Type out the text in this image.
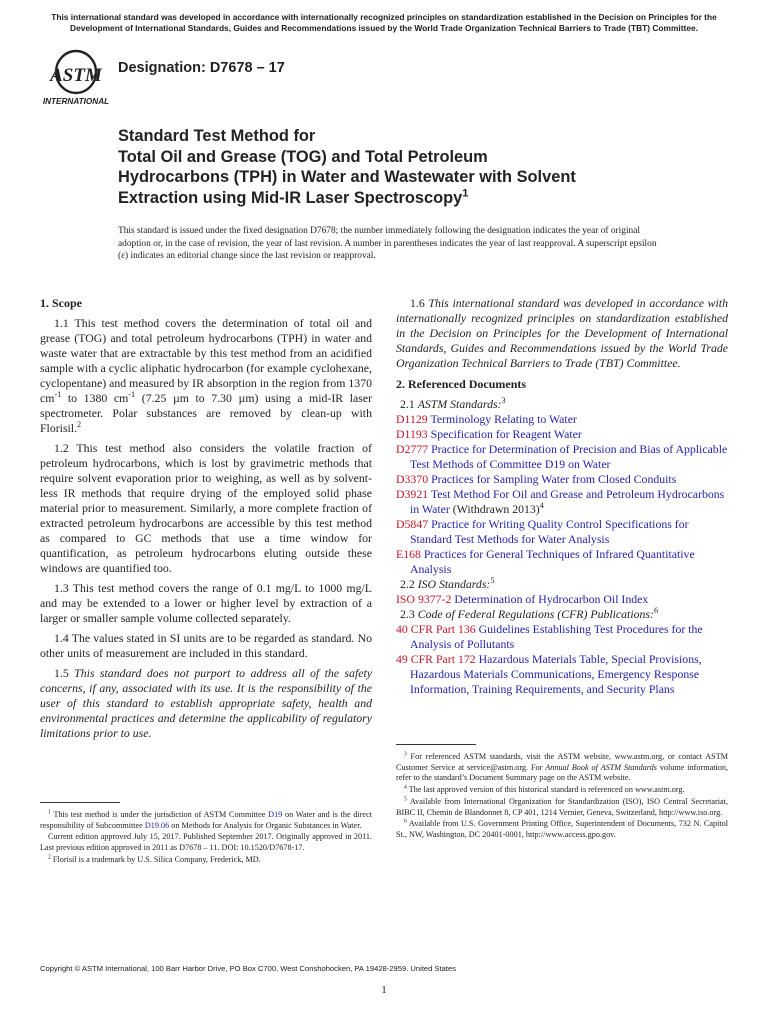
This international standard was developed in accordance with internationally recognized principles on standardization established in the Decision on Principles for the Development of International Standards, Guides and Recommendations issued by the World Trade Organization Technical Barriers to Trade (TBT) Committee.
ASTM
INTERNATIONAL
Designation: D7678 – 17
Standard Test Method for
Total Oil and Grease (TOG) and Total Petroleum
Hydrocarbons (TPH) in Water and Wastewater with Solvent
Extraction using Mid-IR Laser Spectroscopy$^1$
This standard is issued under the fixed designation D7678; the number immediately following the designation indicates the year of original adoption or, in the case of revision, the year of last revision. A number in parentheses indicates the year of last reapproval. A superscript epsilon (ε) indicates an editorial change since the last revision or reapproval.
1. Scope

1.1 This test method covers the determination of total oil and grease (TOG) and total petroleum hydrocarbons (TPH) in water and waste water that are extractable by this test method from an acidified sample with a cyclic aliphatic hydrocarbon (for example cyclohexane, cyclopentane) and measured by IR absorption in the region from 1370 $cm^{-1}$ to 1380 $cm^{-1}$ (7.25 µm to 7.30 µm) using a mid-IR laser spectrometer. Polar substances are removed by clean-up with Florisil.$^2$

1.2 This test method also considers the volatile fraction of petroleum hydrocarbons, which is lost by gravimetric methods that require solvent evaporation prior to weighing, as well as by solvent-less IR methods that require drying of the employed solid phase material prior to measurement. Similarly, a more complete fraction of extracted petroleum hydrocarbons are accessible by this test method as compared to GC methods that use a time window for quantification, as petroleum hydrocarbons eluting outside these windows are quantified too.

1.3 This test method covers the range of 0.1 mg/L to 1000 mg/L and may be extended to a lower or higher level by extraction of a larger or smaller sample volume collected separately.

1.4 The values stated in SI units are to be regarded as standard. No other units of measurement are included in this standard.

1.5 This standard does not purport to address all of the safety concerns, if any, associated with its use. It is the responsibility of the user of this standard to establish appropriate safety, health and environmental practices and determine the applicability of regulatory limitations prior to use.

1.6 This international standard was developed in accordance with internationally recognized principles on standardization established in the Decision on Principles for the Development of International Standards, Guides and Recommendations issued by the World Trade Organization Technical Barriers to Trade (TBT) Committee.

2. Referenced Documents
2.1 ASTM Standards:$^3$
D1129 Terminology Relating to Water
D1193 Specification for Reagent Water
D2777 Practice for Determination of Precision and Bias of Applicable Test Methods of Committee D19 on Water
D3370 Practices for Sampling Water from Closed Conduits
D3921 Test Method For Oil and Grease and Petroleum Hydrocarbons in Water (Withdrawn 2013)$^4$
D5847 Practice for Writing Quality Control Specifications for Standard Test Methods for Water Analysis
E168 Practices for General Techniques of Infrared Quantitative Analysis
2.2 ISO Standards:$^5$
ISO 9377-2 Determination of Hydrocarbon Oil Index
2.3 Code of Federal Regulations (CFR) Publications:$^6$
40 CFR Part 136 Guidelines Establishing Test Procedures for the Analysis of Pollutants
49 CFR Part 172 Hazardous Materials Table, Special Provisions, Hazardous Materials Communications, Emergency Response Information, Training Requirements, and Security Plans

$^1$ This test method is under the jurisdiction of ASTM Committee D19 on Water and is the direct responsibility of Subcommittee D19.06 on Methods for Analysis for Organic Substances in Water.

Current edition approved July 15, 2017. Published September 2017. Originally approved in 2011. Last previous edition approved in 2011 as D7678 – 11. DOI: 10.1520/D7678-17.

$^2$ Florisil is a trademark by U.S. Silica Company, Frederick, MD.

$^3$ For referenced ASTM standards, visit the ASTM website, www.astm.org, or contact ASTM Customer Service at service@astm.org. For Annual Book of ASTM Standards volume information, refer to the standard’s Document Summary page on the ASTM website.

$^4$ The last approved version of this historical standard is referenced on www.astm.org.

$^5$ Available from International Organization for Standardization (ISO), ISO Central Secretariat, BIBC II, Chemin de Blandonnet 8, CP 401, 1214 Vernier, Geneva, Switzerland, http://www.iso.org.

$^6$ Available from U.S. Government Printing Office, Superintendent of Documents, 732 N. Capitol St., NW, Washington, DC 20401-0001, http://www.access.gpo.gov.

Copyright © ASTM International, 100 Barr Harbor Drive, PO Box C700, West Conshohocken, PA 19428-2959. United States
1
